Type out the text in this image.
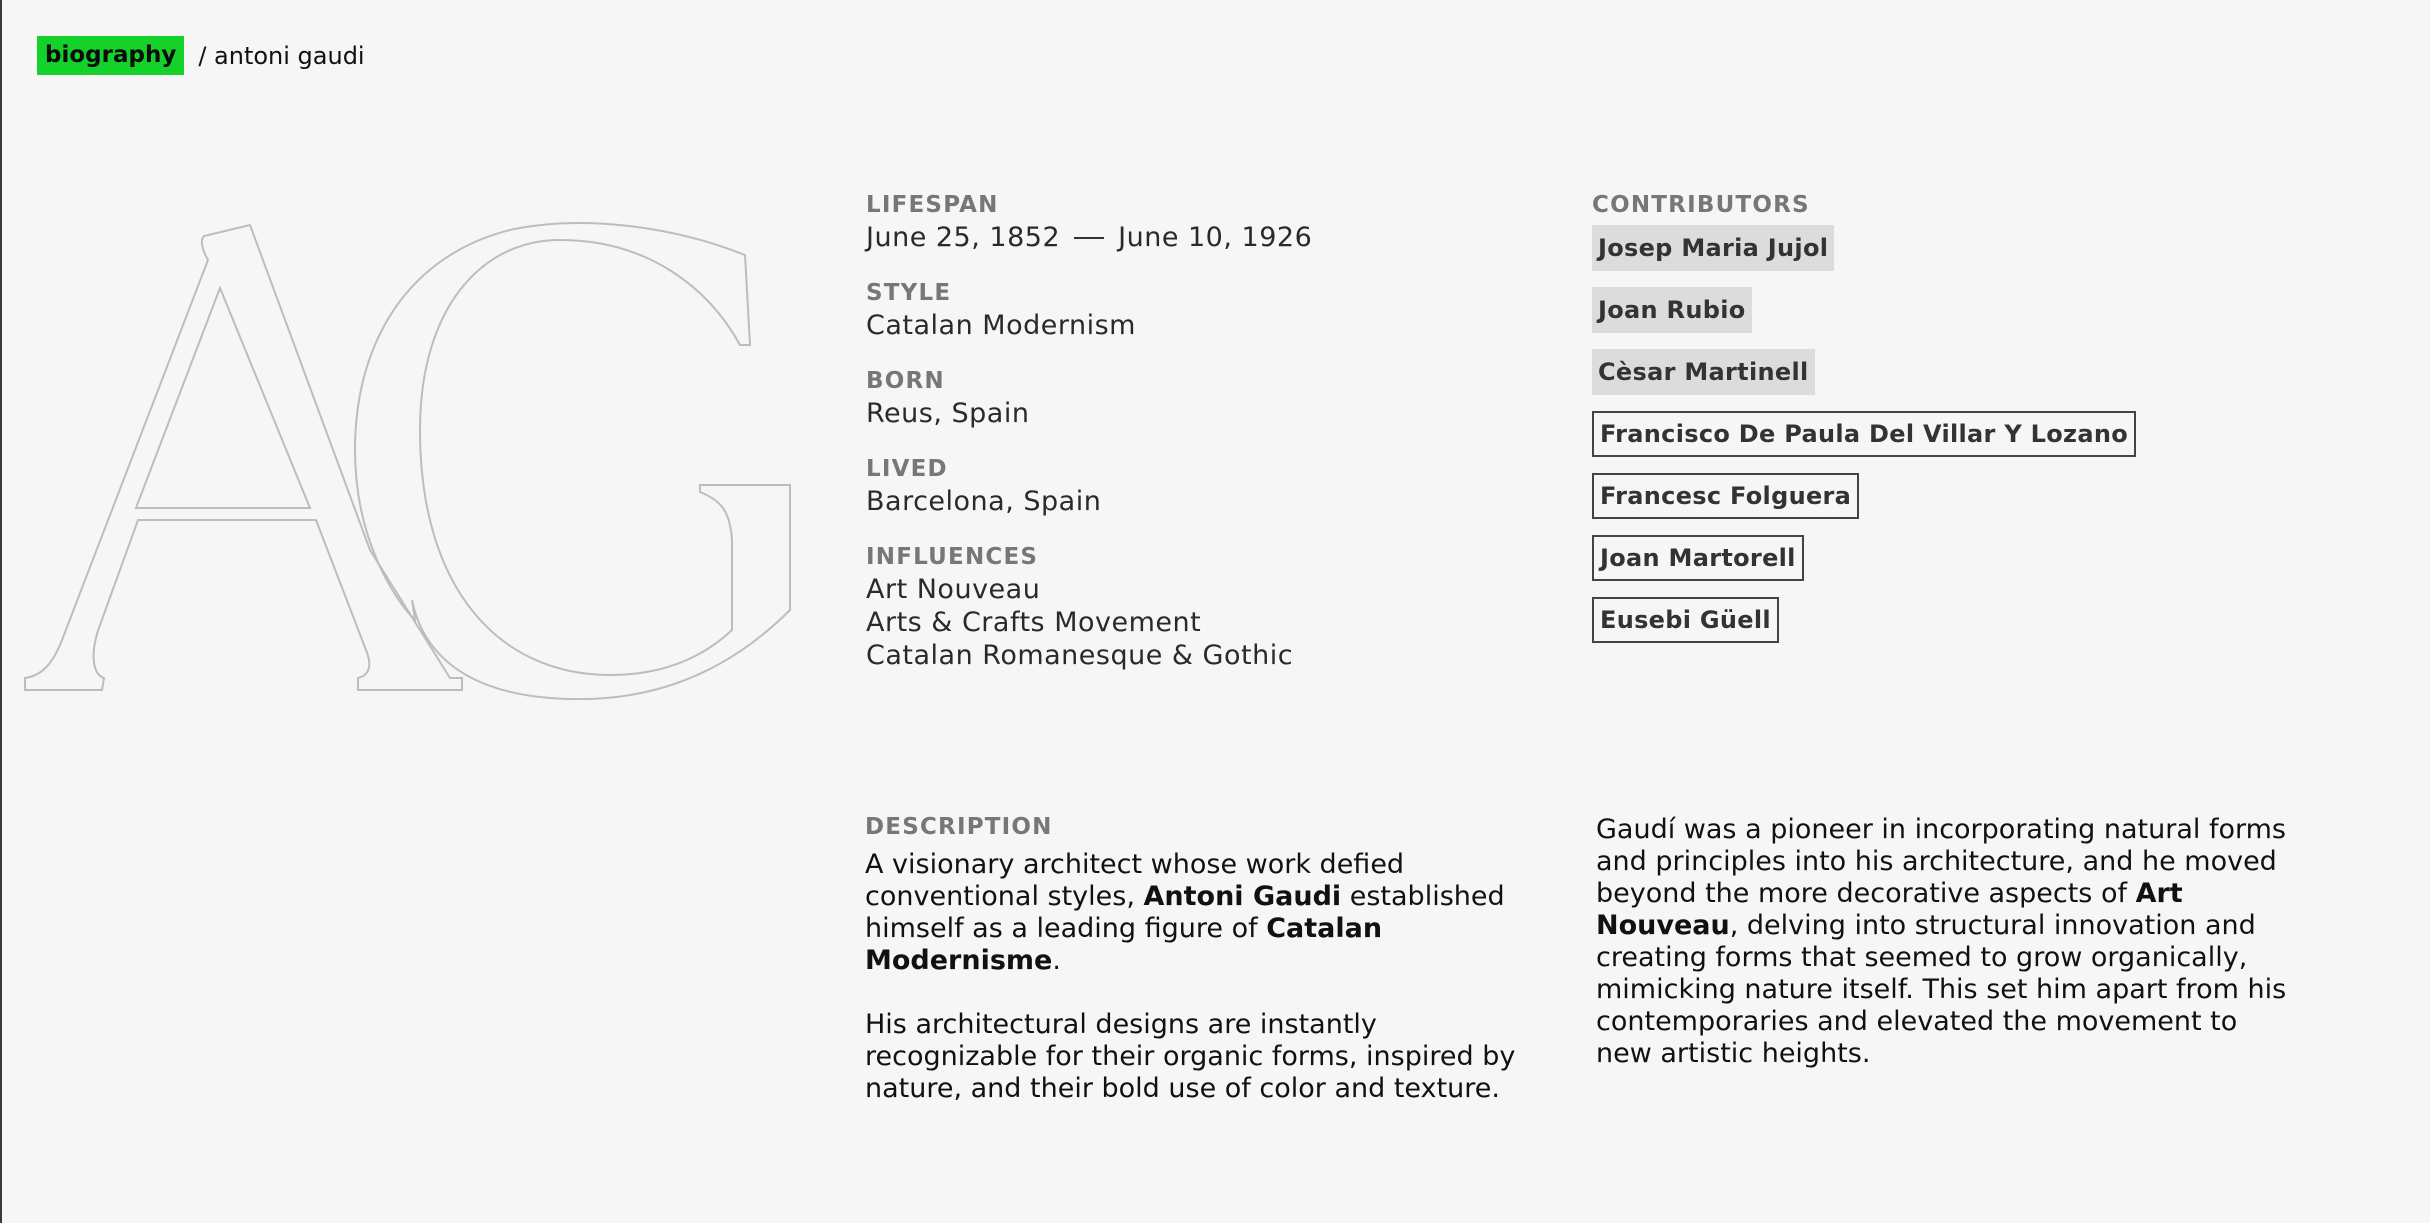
biography / antoni gaudi
LIFESPAN
June 25, 1852 June 10, 1926
STYLE
Catalan Modernism
BORN
Reus, Spain
LIVED
Barcelona, Spain
INFLUENCES
Art Nouveau
Arts & Crafts Movement
Catalan Romanesque & Gothic
CONTRIBUTORS
Josep Maria Jujol
Joan Rubio
Cèsar Martinell
Francisco De Paula Del Villar Y Lozano
Francesc Folguera
Joan Martorell
Eusebi Güell
DESCRIPTION

A visionary architect whose work defied conventional styles, Antoni Gaudi established himself as a leading figure of Catalan Modernisme.

His architectural designs are instantly recognizable for their organic forms, inspired by nature, and their bold use of color and texture.

Gaudí was a pioneer in incorporating natural forms and principles into his architecture, and he moved beyond the more decorative aspects of Art Nouveau, delving into structural innovation and creating forms that seemed to grow organically, mimicking nature itself. This set him apart from his contemporaries and elevated the movement to new artistic heights.
